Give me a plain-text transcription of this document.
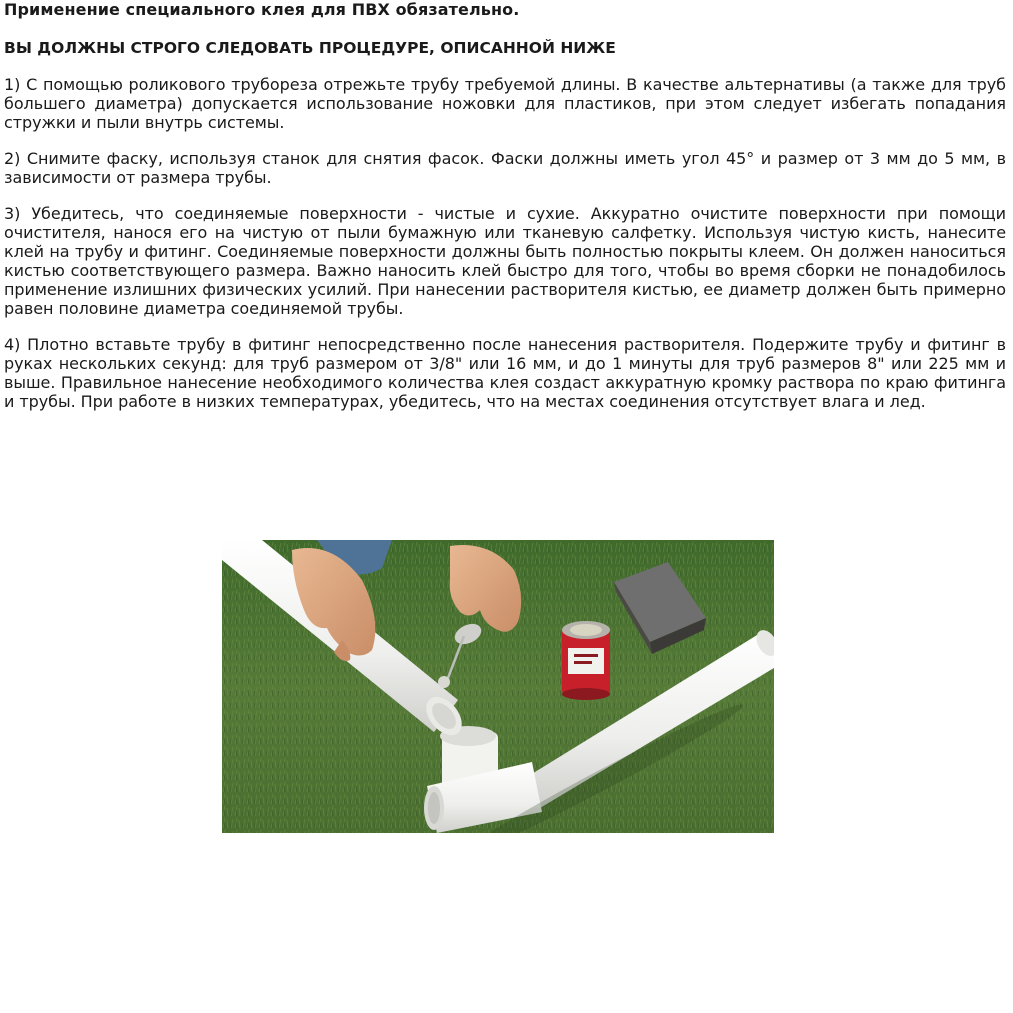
Применение специального клея для ПВХ обязательно.

ВЫ ДОЛЖНЫ СТРОГО СЛЕДОВАТЬ ПРОЦЕДУРЕ, ОПИСАННОЙ НИЖЕ

1) С помощью роликового трубореза отрежьте трубу требуемой длины. В качестве альтернативы (а также для труб большего диаметра) допускается использование ножовки для пластиков, при этом следует избегать попадания стружки и пыли внутрь системы.

2) Снимите фаску, используя станок для снятия фасок. Фаски должны иметь угол 45° и размер от 3 мм до 5 мм, в зависимости от размера трубы.

3) Убедитесь, что соединяемые поверхности - чистые и сухие. Аккуратно очистите поверхности при помощи очистителя, нанося его на чистую от пыли бумажную или тканевую салфетку. Используя чистую кисть, нанесите клей на трубу и фитинг. Соединяемые поверхности должны быть полностью покрыты клеем. Он должен наноситься кистью соответствующего размера. Важно наносить клей быстро для того, чтобы во время сборки не понадобилось применение излишних физических усилий. При нанесении растворителя кистью, ее диаметр должен быть примерно равен половине диаметра соединяемой трубы.

4) Плотно вставьте трубу в фитинг непосредственно после нанесения растворителя. Подержите трубу и фитинг в руках нескольких секунд: для труб размером от 3/8" или 16 мм, и до 1 минуты для труб размеров 8" или 225 мм и выше. Правильное нанесение необходимого количества клея создаст аккуратную кромку раствора по краю фитинга и трубы. При работе в низких температурах, убедитесь, что на местах соединения отсутствует влага и лед.
